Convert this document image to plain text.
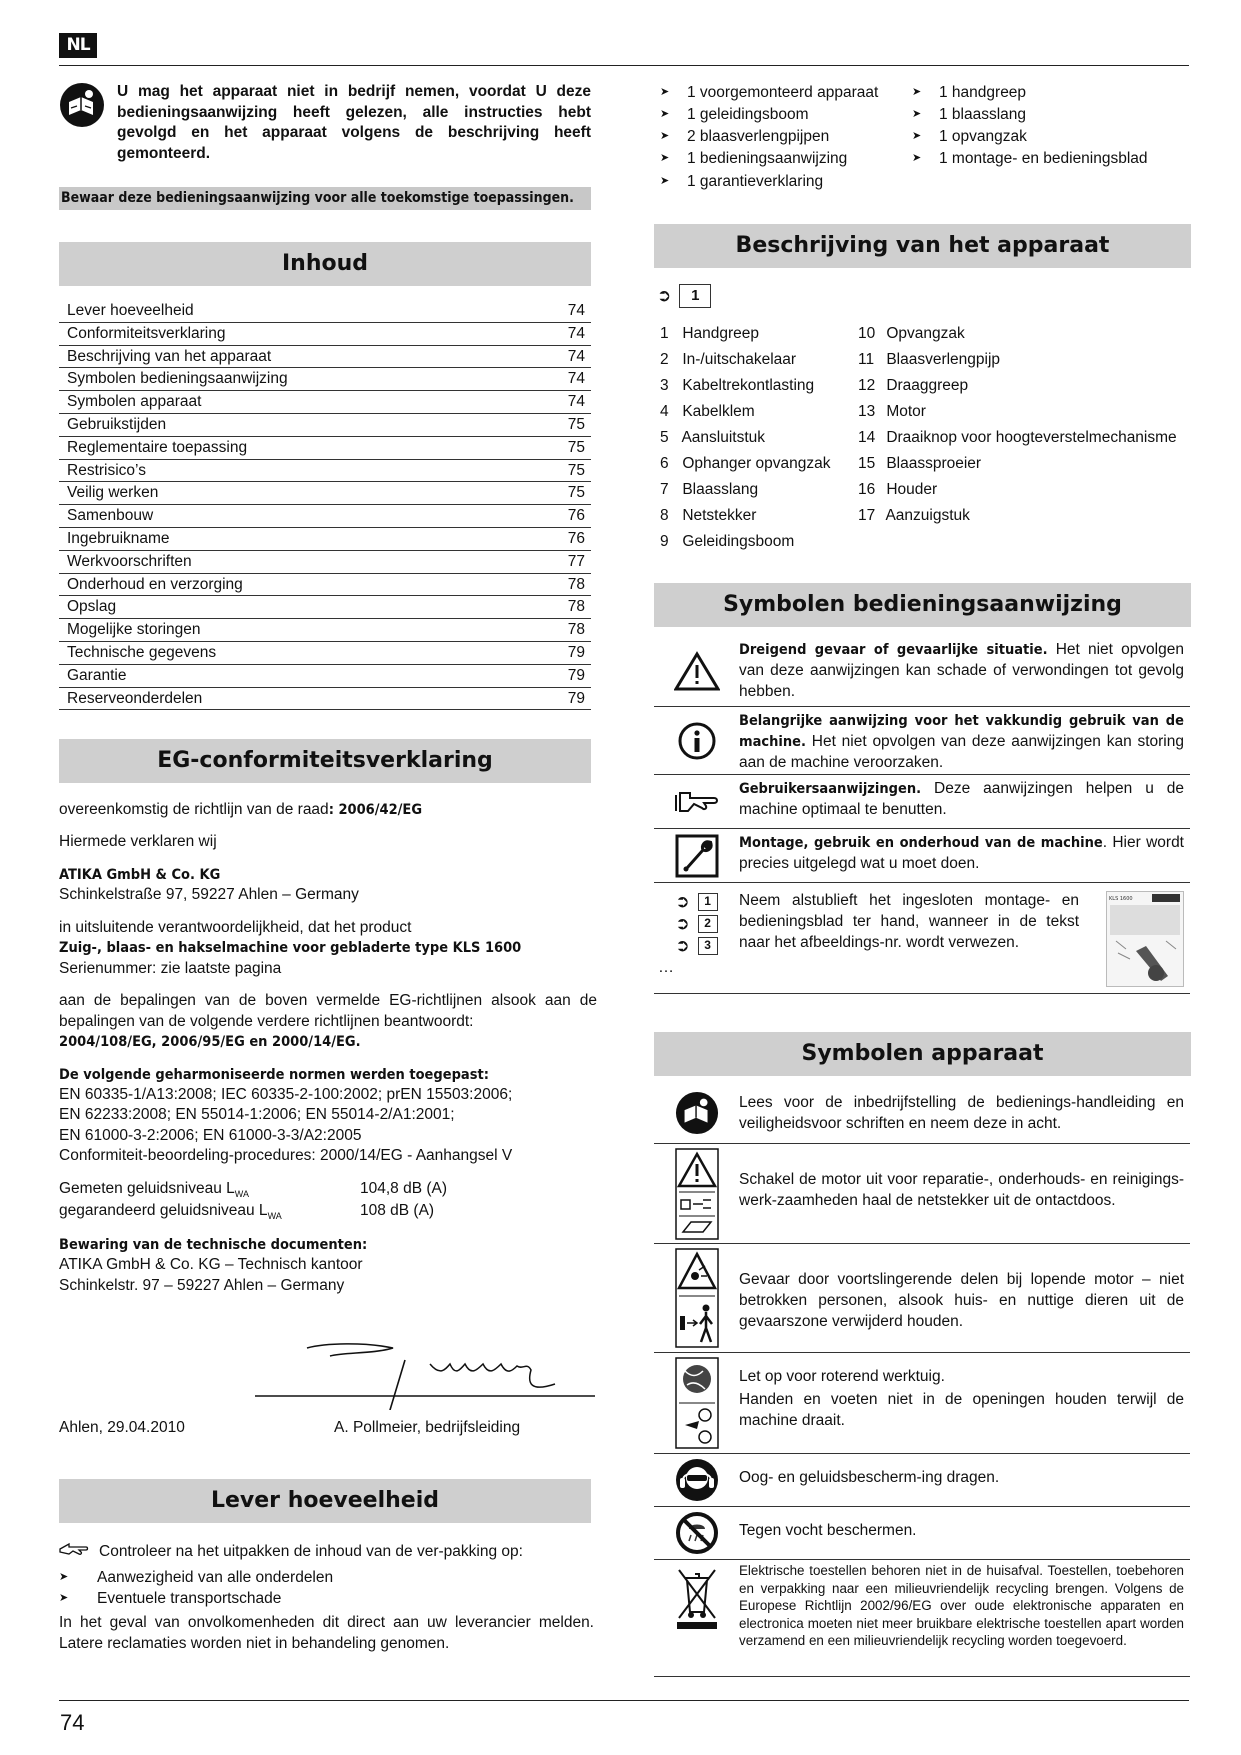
NL
U mag het apparaat niet in bedrijf nemen, voordat U deze bedieningsaanwijzing heeft gelezen, alle instructies hebt gevolgd en het apparaat volgens de beschrijving heeft gemonteerd.
Bewaar deze bedieningsaanwijzing voor alle toekomstige toepassingen.
Inhoud
Lever hoeveelheid	74
Conformiteitsverklaring	74
Beschrijving van het apparaat	74
Symbolen bedieningsaanwijzing	74
Symbolen apparaat	74
Gebruikstijden	75
Reglementaire toepassing	75
Restrisico’s	75
Veilig werken	75
Samenbouw	76
Ingebruikname	76
Werkvoorschriften	77
Onderhoud en verzorging	78
Opslag	78
Mogelijke storingen	78
Technische gegevens	79
Garantie	79
Reserveonderdelen	79
EG-conformiteitsverklaring

overeenkomstig de richtlijn van de raad: 2006/42/EG

Hiermede verklaren wij

ATIKA GmbH & Co. KG
Schinkelstraße 97, 59227 Ahlen – Germany

in uitsluitende verantwoordelijkheid, dat het product
Zuig-, blaas- en hakselmachine voor gebladerte type KLS 1600
Serienummer: zie laatste pagina

aan de bepalingen van de boven vermelde EG-richtlijnen alsook aan de bepalingen van de volgende verdere richtlijnen beantwoordt:
2004/108/EG, 2006/95/EG en 2000/14/EG.

De volgende geharmoniseerde normen werden toegepast:
EN 60335-1/A13:2008; IEC 60335-2-100:2002; prEN 15503:2006;
EN 62233:2008; EN 55014-1:2006; EN 55014-2/A1:2001;
EN 61000-3-2:2006; EN 61000-3-3/A2:2005
Conformiteit-beoordeling-procedures: 2000/14/EG - Aanhangsel V

Gemeten geluidsniveau $L_{WA}$	104,8 dB (A)
gegarandeerd geluidsniveau $L_{WA}$	108 dB (A)

Bewaring van de technische documenten:
ATIKA GmbH & Co. KG – Technisch kantoor
Schinkelstr. 97 – 59227 Ahlen – Germany

Ahlen, 29.04.2010	A. Pollmeier, bedrijfsleiding
Lever hoeveelheid
Controleer na het uitpakken de inhoud van de ver-pakking op:
➤ Aanwezigheid van alle onderdelen
➤ Eventuele transportschade
In het geval van onvolkomenheden dit direct aan uw leverancier melden. Latere reclamaties worden niet in behandeling genomen.
➤ 1 voorgemonteerd apparaat
➤ 1 geleidingsboom
➤ 2 blaasverlengpijpen
➤ 1 bedieningsaanwijzing
➤ 1 garantieverklaring
➤ 1 handgreep
➤ 1 blaasslang
➤ 1 opvangzak
➤ 1 montage- en bedieningsblad
Beschrijving van het apparaat
➲	1
1 Handgreep	10 Opvangzak
2 In-/uitschakelaar	11 Blaasverlengpijp
3 Kabeltrekontlasting	12 Draaggreep
4 Kabelklem	13 Motor
5 Aansluitstuk	14 Draaiknop voor hoogteverstelmechanisme
6 Ophanger opvangzak	15 Blaassproeier
7 Blaasslang	16 Houder
8 Netstekker	17 Aanzuigstuk
9 Geleidingsboom
Symbolen bedieningsaanwijzing
Dreigend gevaar of gevaarlijke situatie. Het niet opvolgen van deze aanwijzingen kan schade of verwondingen tot gevolg hebben.
Belangrijke aanwijzing voor het vakkundig gebruik van de machine. Het niet opvolgen van deze aanwijzingen kan storing aan de machine veroorzaken.
Gebruikersaanwijzingen. Deze aanwijzingen helpen u de machine optimaal te benutten.
Montage, gebruik en onderhoud van de machine. Hier wordt precies uitgelegd wat u moet doen.
➲	1
➲	2
➲	3
…
Neem alstublieft het ingesloten montage- en bedieningsblad ter hand, wanneer in de tekst naar het afbeeldings-nr. wordt verwezen.
KLS 1600
Symbolen apparaat
Lees voor de inbedrijfstelling de bedienings-handleiding en veiligheidsvoor schriften en neem deze in acht.
Schakel de motor uit voor reparatie-, onderhouds- en reinigings-werk-zaamheden haal de netstekker uit de ontactdoos.
Gevaar door voortslingerende delen bij lopende motor – niet betrokken personen, alsook huis- en nuttige dieren uit de gevaarszone verwijderd houden.
Let op voor roterend werktuig.
Handen en voeten niet in de openingen houden terwijl de machine draait.
Oog- en geluidsbescherm-ing dragen.
Tegen vocht beschermen.
Elektrische toestellen behoren niet in de huisafval. Toestellen, toebehoren en verpakking naar een milieuvriendelijk recycling brengen. Volgens de Europese Richtlijn 2002/96/EG over oude elektronische apparaten en electronica moeten niet meer bruikbare elektrische toestellen apart worden verzamend en een milieuvriendelijk recycling worden toegevoerd.
74
